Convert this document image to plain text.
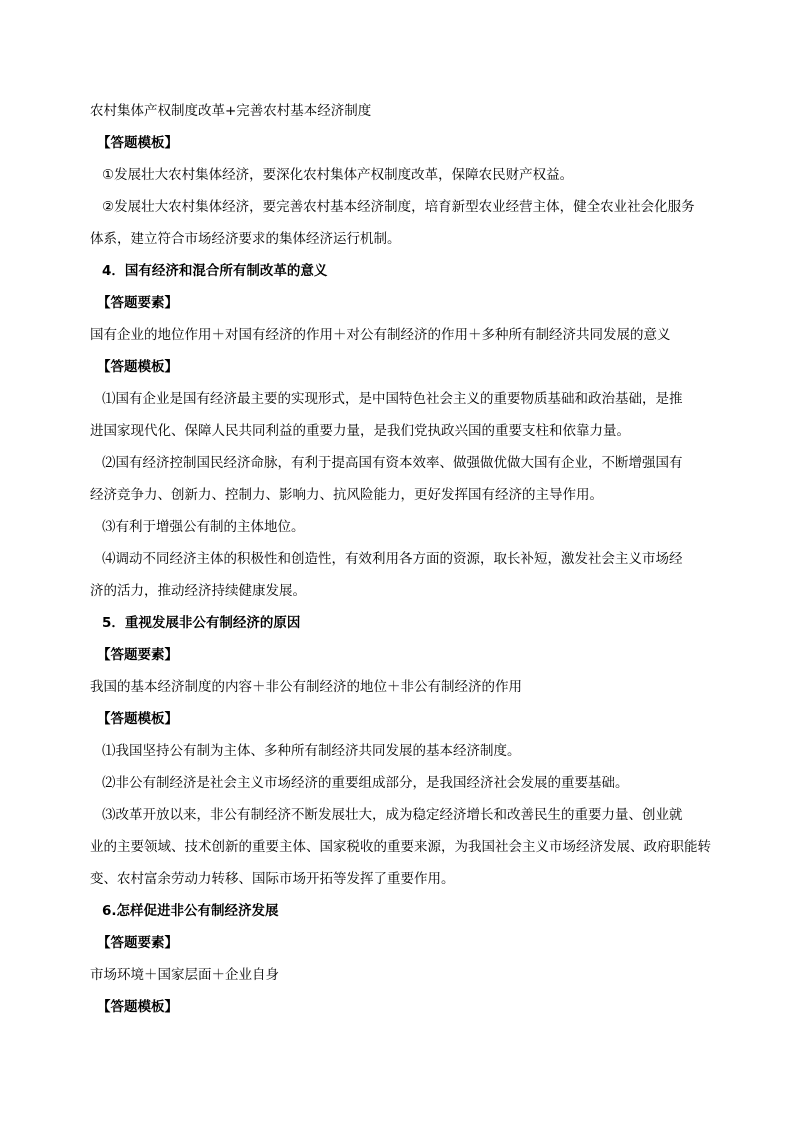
农村集体产权制度改革+完善农村基本经济制度
【答题模板】
①发展壮大农村集体经济，要深化农村集体产权制度改革，保障农民财产权益。
②发展壮大农村集体经济，要完善农村基本经济制度，培育新型农业经营主体，健全农业社会化服务
体系，建立符合市场经济要求的集体经济运行机制。
4．国有经济和混合所有制改革的意义
【答题要素】
国有企业的地位作用＋对国有经济的作用＋对公有制经济的作用＋多种所有制经济共同发展的意义
【答题模板】
⑴国有企业是国有经济最主要的实现形式，是中国特色社会主义的重要物质基础和政治基础，是推
进国家现代化、保障人民共同利益的重要力量，是我们党执政兴国的重要支柱和依靠力量。
⑵国有经济控制国民经济命脉，有利于提高国有资本效率、做强做优做大国有企业，不断增强国有
经济竞争力、创新力、控制力、影响力、抗风险能力，更好发挥国有经济的主导作用。
⑶有利于增强公有制的主体地位。
⑷调动不同经济主体的积极性和创造性，有效利用各方面的资源，取长补短，激发社会主义市场经
济的活力，推动经济持续健康发展。
5．重视发展非公有制经济的原因
【答题要素】
我国的基本经济制度的内容＋非公有制经济的地位＋非公有制经济的作用
【答题模板】
⑴我国坚持公有制为主体、多种所有制经济共同发展的基本经济制度。
⑵非公有制经济是社会主义市场经济的重要组成部分，是我国经济社会发展的重要基础。
⑶改革开放以来，非公有制经济不断发展壮大，成为稳定经济增长和改善民生的重要力量、创业就
业的主要领域、技术创新的重要主体、国家税收的重要来源，为我国社会主义市场经济发展、政府职能转
变、农村富余劳动力转移、国际市场开拓等发挥了重要作用。
6.怎样促进非公有制经济发展
【答题要素】
市场环境＋国家层面＋企业自身
【答题模板】
